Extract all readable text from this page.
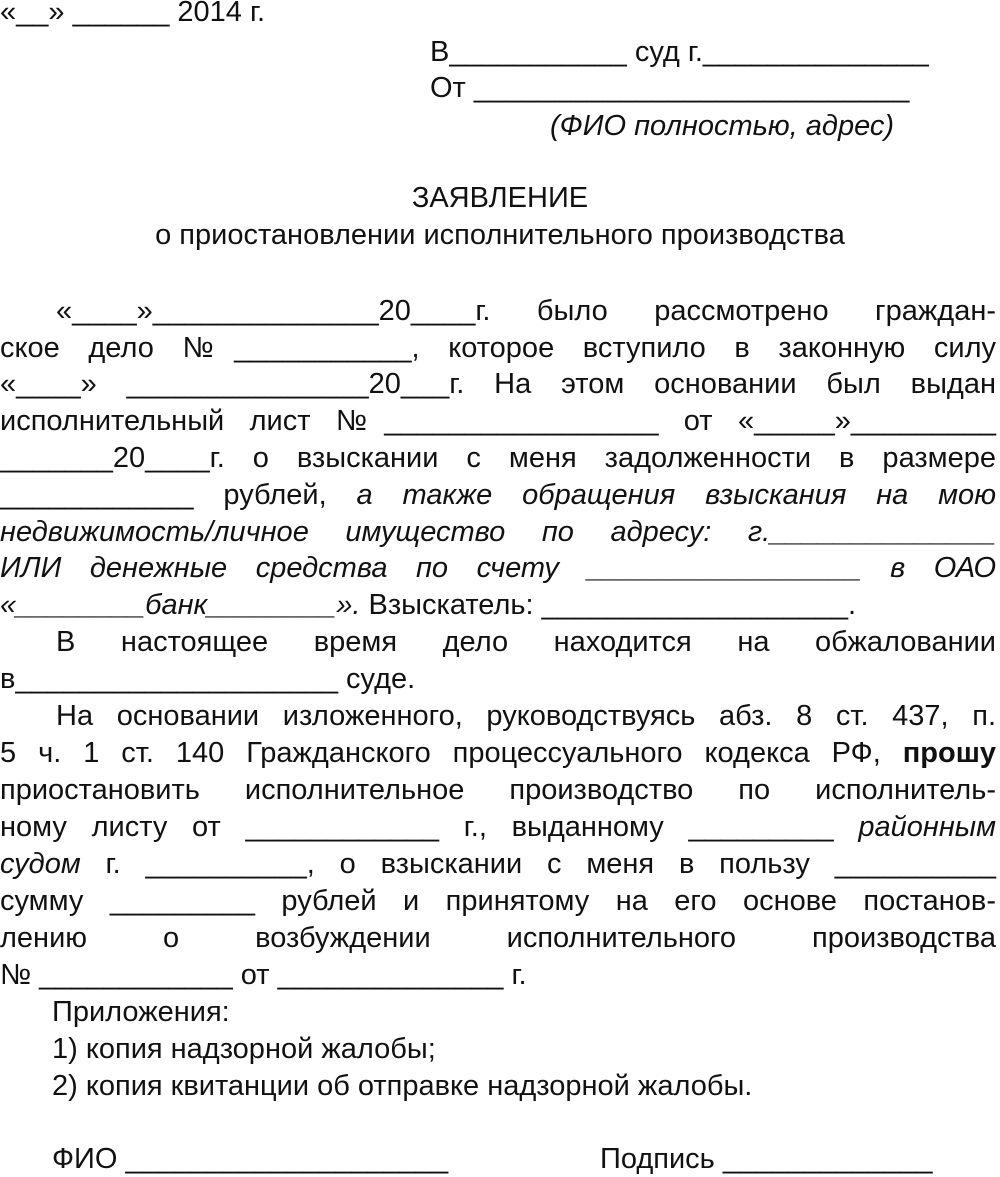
«__» ______ 2014 г.

В___________ суд г.______________

От ___________________________

(ФИО полностью, адрес)

ЗАЯВЛЕНИЕ

о приостановлении исполнительного производства

«____»______________20____г. было рассмотрено граждан-

ское дело №___________, которое вступило в законную силу

«____» _______________20___г. На этом основании был выдан

исполнительный лист №_________________ от «_____»_________

_______20____г. о взыскании с меня задолженности в размере

____________ рублей, а также обращения взыскания на мою

недвижимость/личное имущество по адресу: г.______________

ИЛИ денежные средства по счету _________________ в ОАО

«________банк________». Взыскатель: ___________________.

В настоящее время дело находится на обжаловании

в____________________ суде.

На основании изложенного, руководствуясь абз. 8 ст. 437, п.

5 ч. 1 ст. 140 Гражданского процессуального кодекса РФ, прошу

приостановить исполнительное производство по исполнитель-

ному листу от ____________ г., выданному _________ районным

судом г. __________, о взыскании с меня в пользу __________

сумму _________ рублей и принятому на его основе постанов-

лению о возбуждении исполнительного производства

№ ____________ от ______________ г.

Приложения:

1) копия надзорной жалобы;

2) копия квитанции об отправке надзорной жалобы.

ФИО ____________________	Подпись _____________
